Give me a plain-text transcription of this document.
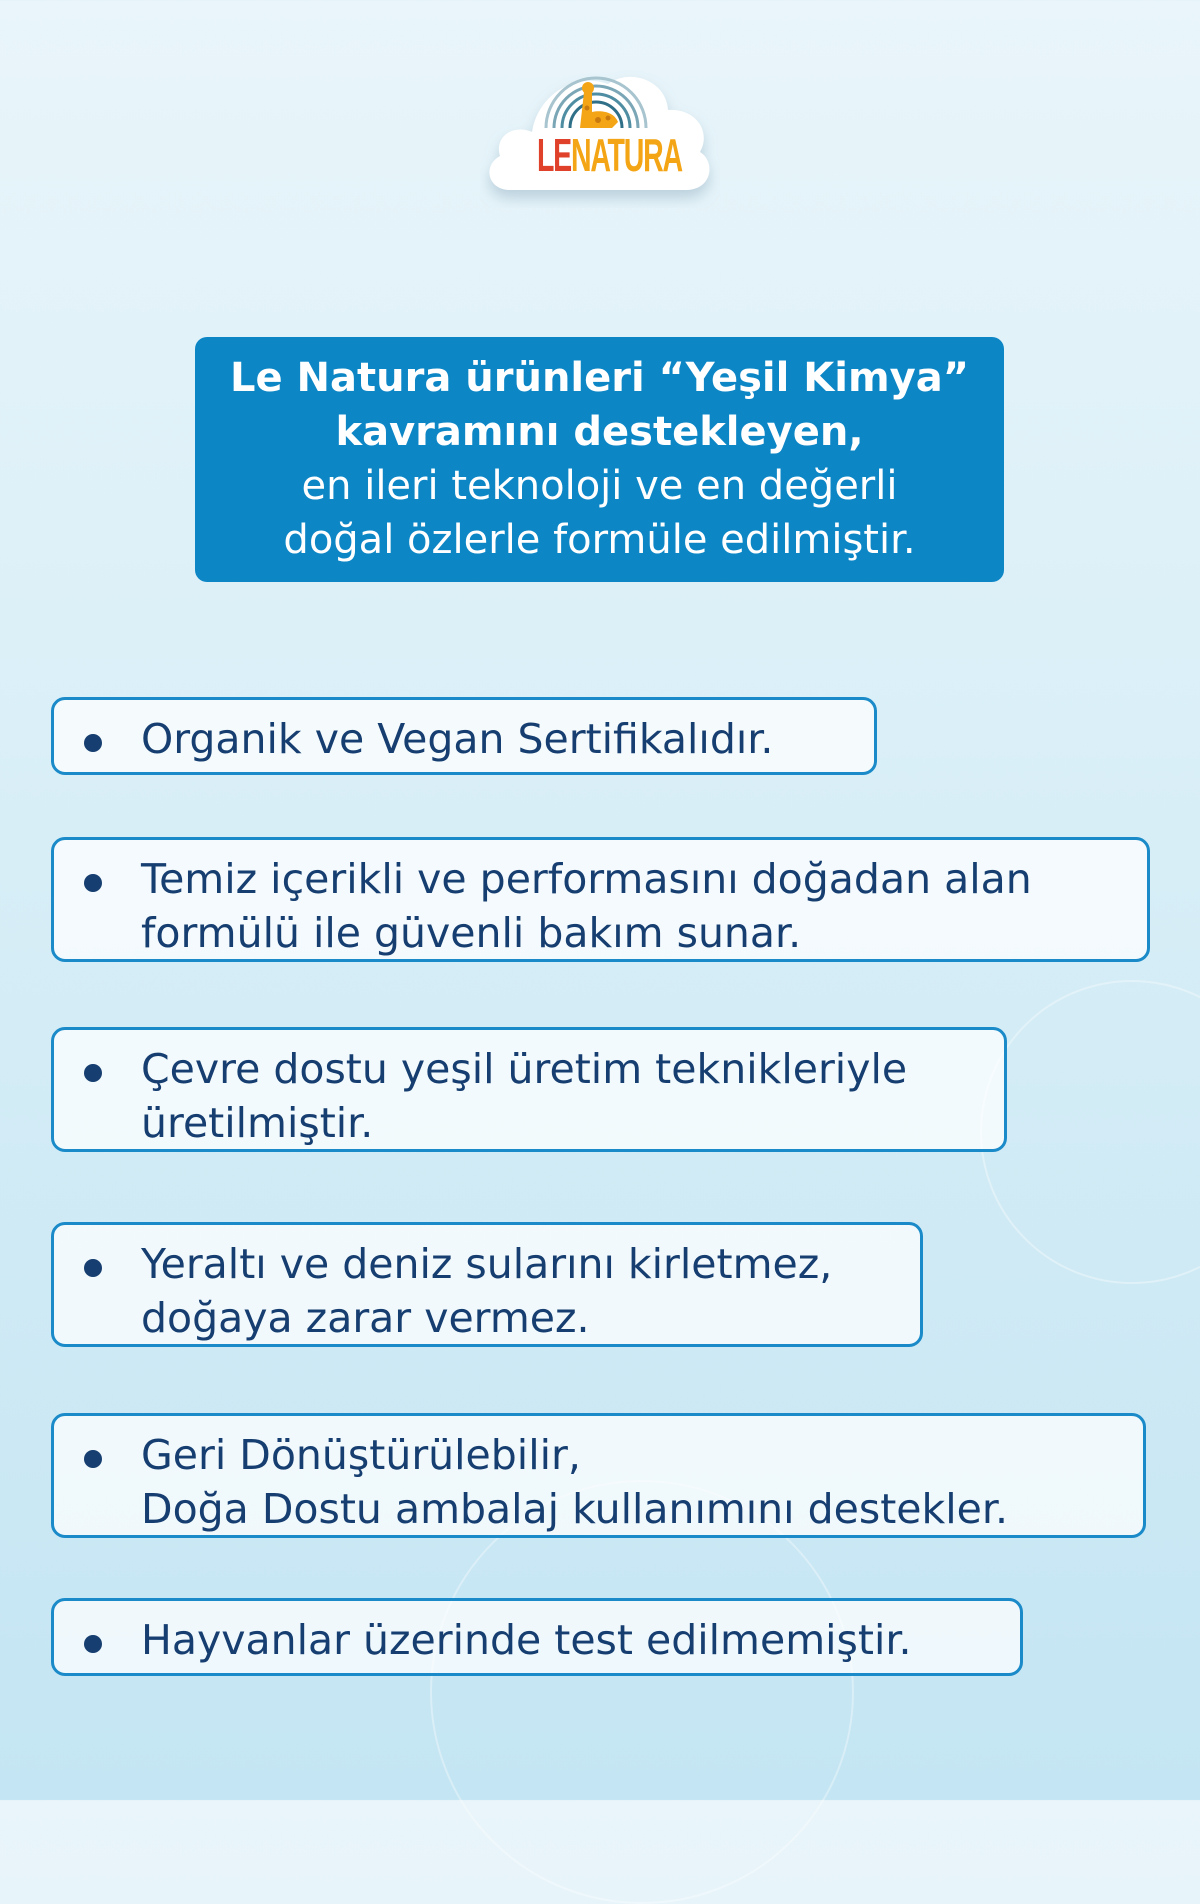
LENATURA
Le Natura ürünleri “Yeşil Kimya”
kavramını destekleyen,
en ileri teknoloji ve en değerli
doğal özlerle formüle edilmiştir.
Organik ve Vegan Sertifikalıdır.
Temiz içerikli ve performasını doğadan alan
formülü ile güvenli bakım sunar.
Çevre dostu yeşil üretim teknikleriyle
üretilmiştir.
Yeraltı ve deniz sularını kirletmez,
doğaya zarar vermez.
Geri Dönüştürülebilir,
Doğa Dostu ambalaj kullanımını destekler.
Hayvanlar üzerinde test edilmemiştir.
